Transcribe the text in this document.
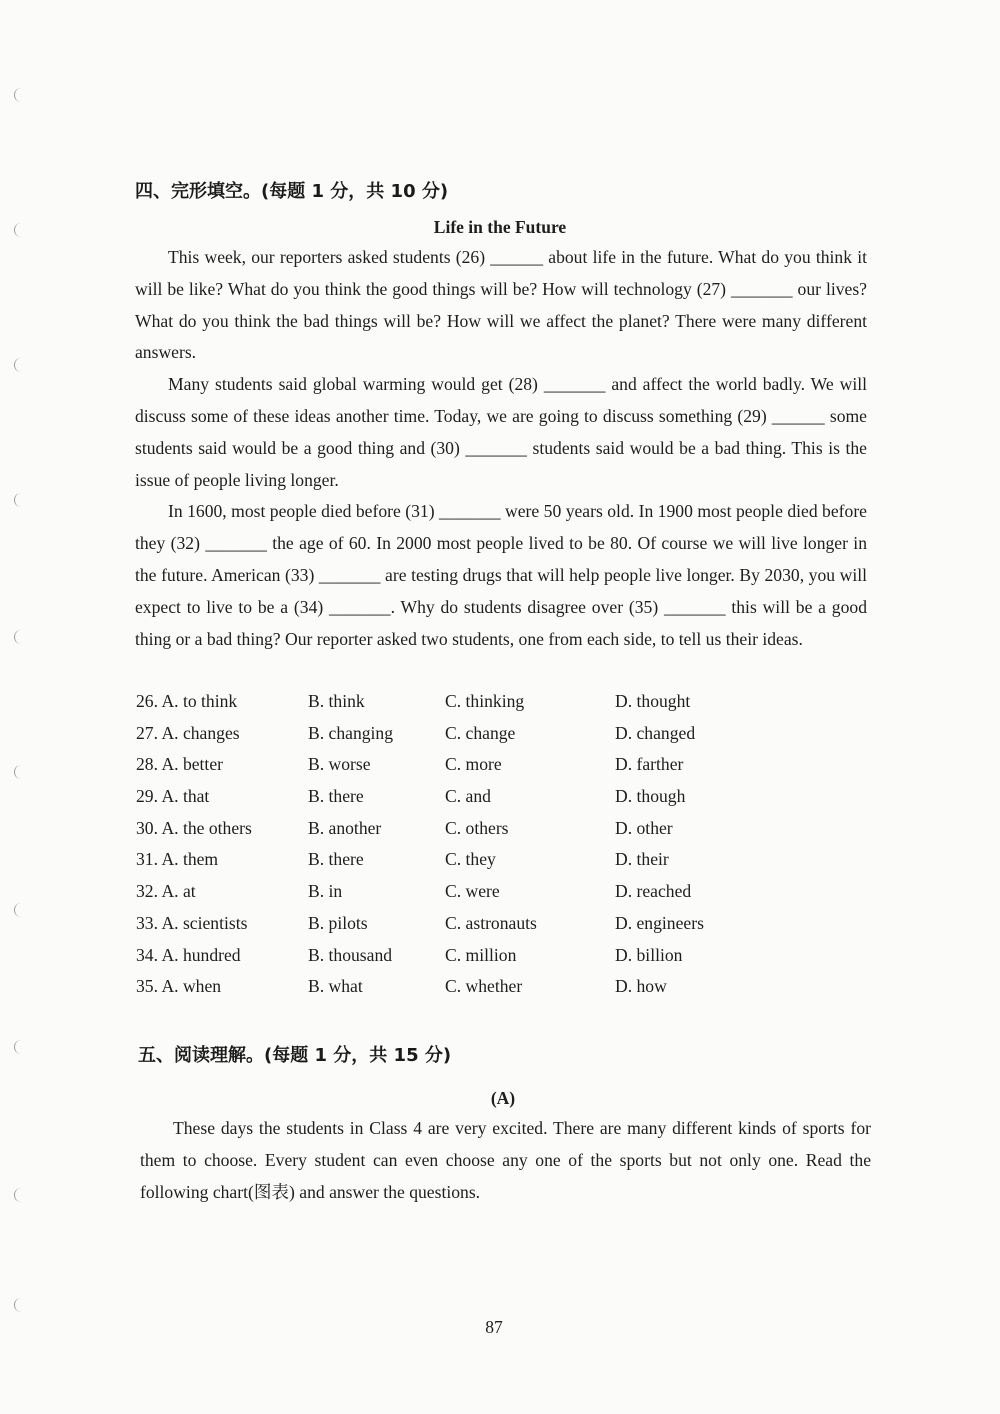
四、完形填空。(每题 1 分，共 10 分)
Life in the Future

This week, our reporters asked students (26) ______ about life in the future. What do you think it will be like? What do you think the good things will be? How will technology (27) _______ our lives? What do you think the bad things will be? How will we affect the planet? There were many different answers.

Many students said global warming would get (28) _______ and affect the world badly. We will discuss some of these ideas another time. Today, we are going to discuss something (29) ______ some students said would be a good thing and (30) _______ students said would be a bad thing. This is the issue of people living longer.

In 1600, most people died before (31) _______ were 50 years old. In 1900 most people died before they (32) _______ the age of 60. In 2000 most people lived to be 80. Of course we will live longer in the future. American (33) _______ are testing drugs that will help people live longer. By 2030, you will expect to live to be a (34) _______. Why do students disagree over (35) _______ this will be a good thing or a bad thing? Our reporter asked two students, one from each side, to tell us their ideas.

26. A. to think	B. think	C. thinking	D. thought
27. A. changes	B. changing	C. change	D. changed
28. A. better	B. worse	C. more	D. farther
29. A. that	B. there	C. and	D. though
30. A. the others	B. another	C. others	D. other
31. A. them	B. there	C. they	D. their
32. A. at	B. in	C. were	D. reached
33. A. scientists	B. pilots	C. astronauts	D. engineers
34. A. hundred	B. thousand	C. million	D. billion
35. A. when	B. what	C. whether	D. how
五、阅读理解。(每题 1 分，共 15 分)
(A)

These days the students in Class 4 are very excited. There are many different kinds of sports for them to choose. Every student can even choose any one of the sports but not only one. Read the following chart(图表) and answer the questions.

87
